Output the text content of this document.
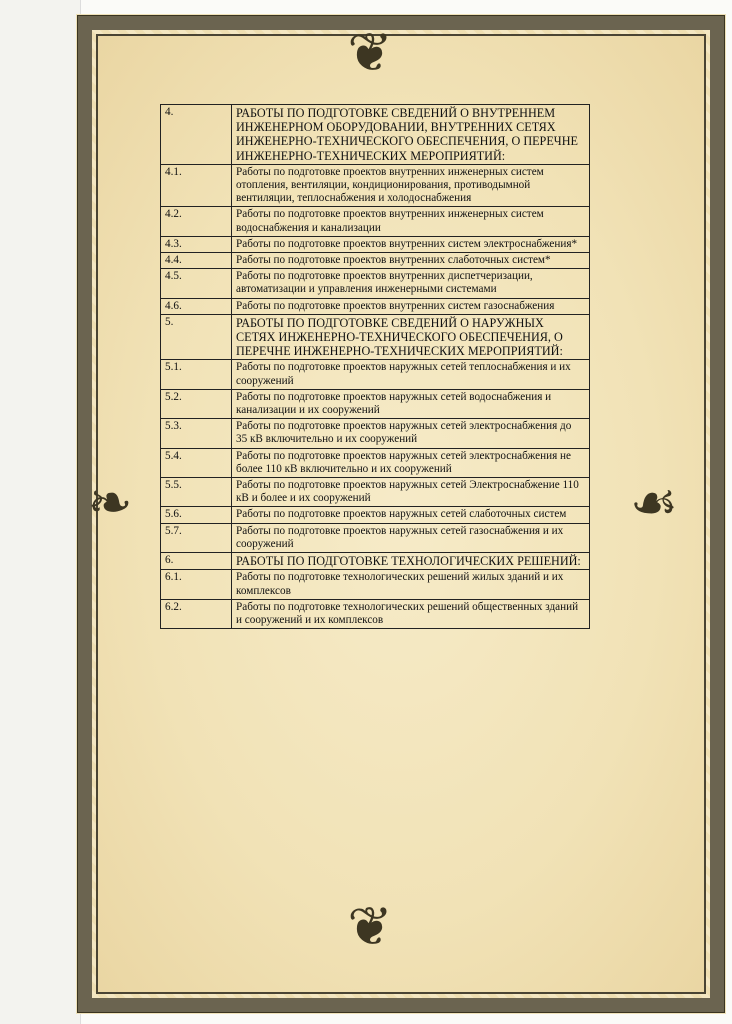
❦
❦
❧	☙
4.	РАБОТЫ ПО ПОДГОТОВКЕ СВЕДЕНИЙ О ВНУТРЕННЕМ ИНЖЕНЕРНОМ ОБОРУДОВАНИИ, ВНУТРЕННИХ СЕТЯХ ИНЖЕНЕРНО-ТЕХНИЧЕСКОГО ОБЕСПЕЧЕНИЯ, О ПЕРЕЧНЕ ИНЖЕНЕРНО-ТЕХНИЧЕСКИХ МЕРОПРИЯТИЙ:
4.1.	Работы по подготовке проектов внутренних инженерных систем отопления, вентиляции, кондиционирования, противодымной вентиляции, теплоснабжения и холодоснабжения
4.2.	Работы по подготовке проектов внутренних инженерных систем водоснабжения и канализации
4.3.	Работы по подготовке проектов внутренних систем электроснабжения*
4.4.	Работы по подготовке проектов внутренних слаботочных систем*
4.5.	Работы по подготовке проектов внутренних диспетчеризации, автоматизации и управления инженерными системами
4.6.	Работы по подготовке проектов внутренних систем газоснабжения
5.	РАБОТЫ ПО ПОДГОТОВКЕ СВЕДЕНИЙ О НАРУЖНЫХ СЕТЯХ ИНЖЕНЕРНО-ТЕХНИЧЕСКОГО ОБЕСПЕЧЕНИЯ, О ПЕРЕЧНЕ ИНЖЕНЕРНО-ТЕХНИЧЕСКИХ МЕРОПРИЯТИЙ:
5.1.	Работы по подготовке проектов наружных сетей теплоснабжения и их сооружений
5.2.	Работы по подготовке проектов наружных сетей водоснабжения и канализации и их сооружений
5.3.	Работы по подготовке проектов наружных сетей электроснабжения до 35 кВ включительно и их сооружений
5.4.	Работы по подготовке проектов наружных сетей электроснабжения не более 110 кВ включительно и их сооружений
5.5.	Работы по подготовке проектов наружных сетей Электроснабжение 110 кВ и более и их сооружений
5.6.	Работы по подготовке проектов наружных сетей слаботочных систем
5.7.	Работы по подготовке проектов наружных сетей газоснабжения и их сооружений
6.	РАБОТЫ ПО ПОДГОТОВКЕ ТЕХНОЛОГИЧЕСКИХ РЕШЕНИЙ:
6.1.	Работы по подготовке технологических решений жилых зданий и их комплексов
6.2.	Работы по подготовке технологических решений общественных зданий и сооружений и их комплексов
